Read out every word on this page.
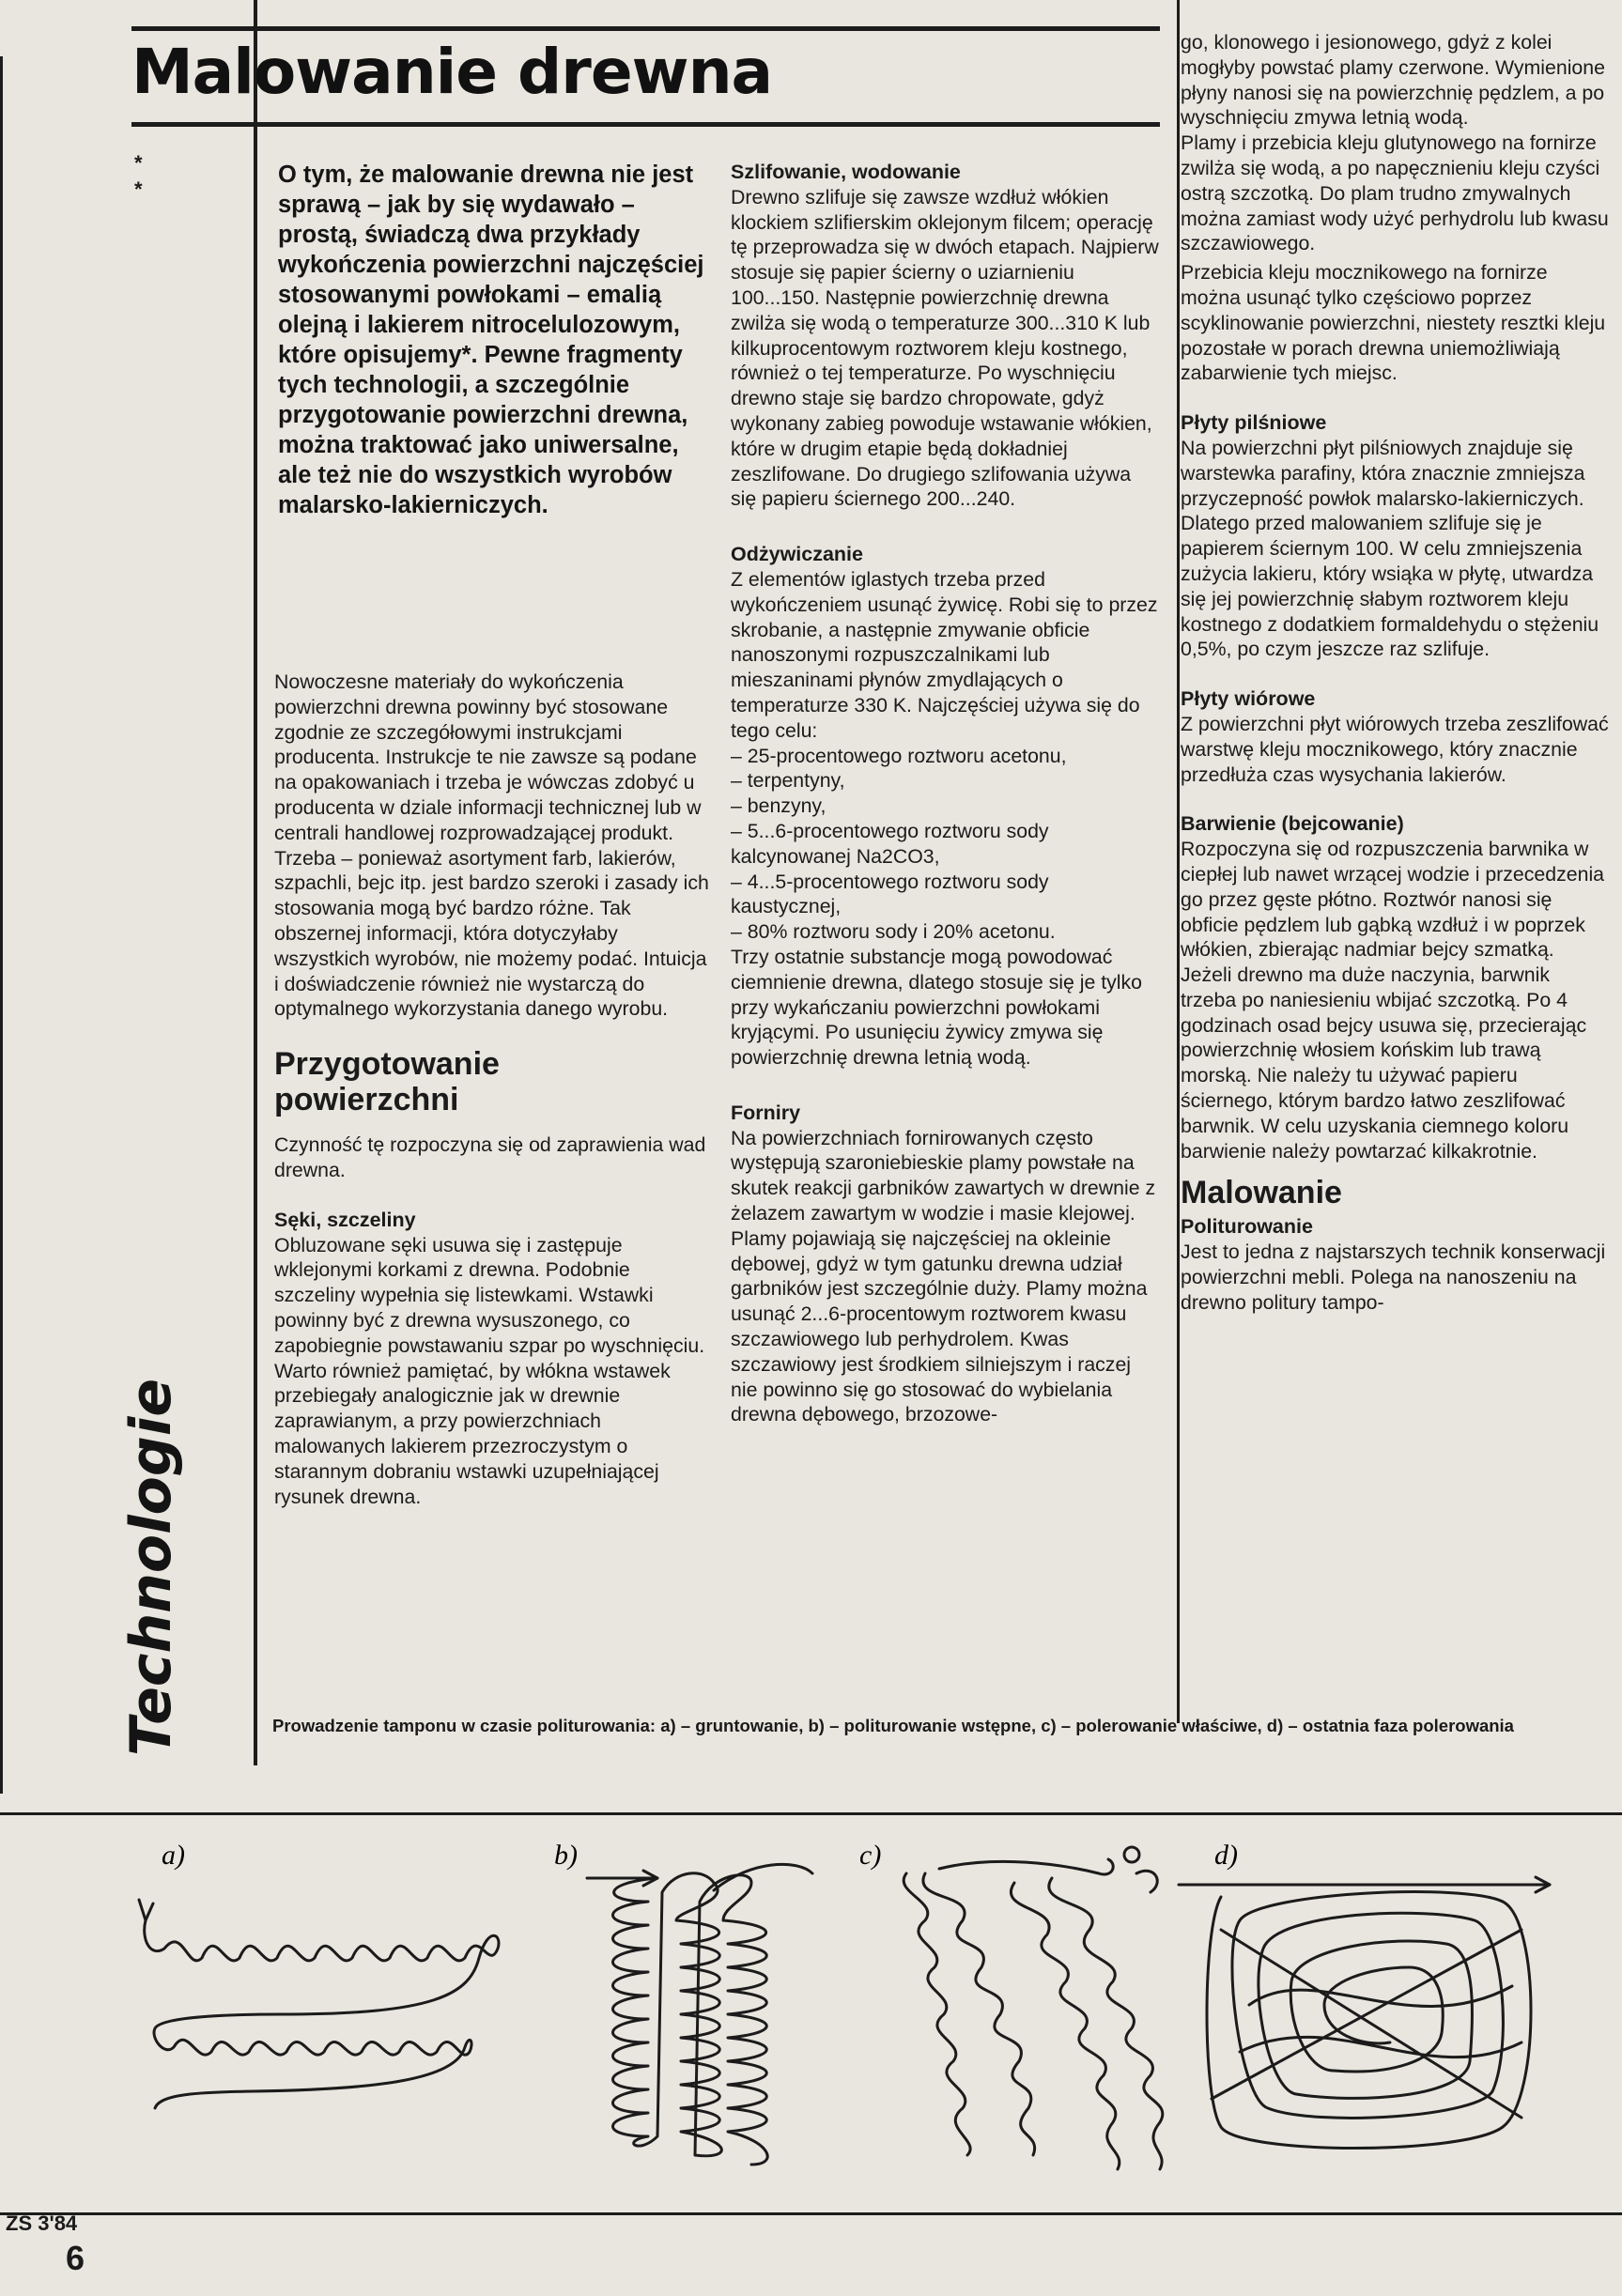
Malowanie drewna
*
*
Technologie
O tym, że malowanie drewna nie jest sprawą – jak by się wydawało – prostą, świadczą dwa przykłady wykończenia powierzchni najczęściej stosowanymi powłokami – emalią olejną i lakierem nitrocelulozowym, które opisujemy*. Pewne fragmenty tych technologii, a szczególnie przygotowanie powierzchni drewna, można traktować jako uniwersalne, ale też nie do wszystkich wyrobów malarsko-lakierniczych.

Nowoczesne materiały do wykończenia powierzchni drewna powinny być stosowane zgodnie ze szczegółowymi instrukcjami producenta. Instrukcje te nie zawsze są podane na opakowaniach i trzeba je wówczas zdobyć u producenta w dziale informacji technicznej lub w centrali handlowej rozprowadzającej produkt. Trzeba – ponieważ asortyment farb, lakierów, szpachli, bejc itp. jest bardzo szeroki i zasady ich stosowania mogą być bardzo różne. Tak obszernej informacji, która dotyczyłaby wszystkich wyrobów, nie możemy podać. Intuicja i doświadczenie również nie wystarczą do optymalnego wykorzystania danego wyrobu.

Przygotowanie powierzchni

Czynność tę rozpoczyna się od zaprawienia wad drewna.

Sęki, szczeliny

Obluzowane sęki usuwa się i zastępuje wklejonymi korkami z drewna. Podobnie szczeliny wypełnia się listewkami. Wstawki powinny być z drewna wysuszonego, co zapobiegnie powstawaniu szpar po wyschnięciu. Warto również pamiętać, by włókna wstawek przebiegały analogicznie jak w drewnie zaprawianym, a przy powierzchniach malowanych lakierem przezroczystym o starannym dobraniu wstawki uzupełniającej rysunek drewna.

Szlifowanie, wodowanie

Drewno szlifuje się zawsze wzdłuż włókien klockiem szlifierskim oklejonym filcem; operację tę przeprowadza się w dwóch etapach. Najpierw stosuje się papier ścierny o uziarnieniu 100...150. Następnie powierzchnię drewna zwilża się wodą o temperaturze 300...310 K lub kilkuprocentowym roztworem kleju kostnego, również o tej temperaturze. Po wyschnięciu drewno staje się bardzo chropowate, gdyż wykonany zabieg powoduje wstawanie włókien, które w drugim etapie będą dokładniej zeszlifowane. Do drugiego szlifowania używa się papieru ściernego 200...240.

Odżywiczanie

Z elementów iglastych trzeba przed wykończeniem usunąć żywicę. Robi się to przez skrobanie, a następnie zmywanie obficie nanoszonymi rozpuszczalnikami lub mieszaninami płynów zmydlających o temperaturze 330 K. Najczęściej używa się do tego celu:

– 25-procentowego roztworu acetonu,

– terpentyny,

– benzyny,

– 5...6-procentowego roztworu sody kalcynowanej Na2CO3,

– 4...5-procentowego roztworu sody kaustycznej,

– 80% roztworu sody i 20% acetonu.

Trzy ostatnie substancje mogą powodować ciemnienie drewna, dlatego stosuje się je tylko przy wykańczaniu powierzchni powłokami kryjącymi. Po usunięciu żywicy zmywa się powierzchnię drewna letnią wodą.

Forniry

Na powierzchniach fornirowanych często występują szaroniebieskie plamy powstałe na skutek reakcji garbników zawartych w drewnie z żelazem zawartym w wodzie i masie klejowej. Plamy pojawiają się najczęściej na okleinie dębowej, gdyż w tym gatunku drewna udział garbników jest szczególnie duży. Plamy można usunąć 2...6-procentowym roztworem kwasu szczawiowego lub perhydrolem. Kwas szczawiowy jest środkiem silniejszym i raczej nie powinno się go stosować do wybielania drewna dębowego, brzozowe-

go, klonowego i jesionowego, gdyż z kolei mogłyby powstać plamy czerwone. Wymienione płyny nanosi się na powierzchnię pędzlem, a po wyschnięciu zmywa letnią wodą.

Plamy i przebicia kleju glutynowego na fornirze zwilża się wodą, a po napęcznieniu kleju czyści ostrą szczotką. Do plam trudno zmywalnych można zamiast wody użyć perhydrolu lub kwasu szczawiowego.

Przebicia kleju mocznikowego na fornirze można usunąć tylko częściowo poprzez scyklinowanie powierzchni, niestety resztki kleju pozostałe w porach drewna uniemożliwiają zabarwienie tych miejsc.

Płyty pilśniowe

Na powierzchni płyt pilśniowych znajduje się warstewka parafiny, która znacznie zmniejsza przyczepność powłok malarsko-lakierniczych. Dlatego przed malowaniem szlifuje się je papierem ściernym 100. W celu zmniejszenia zużycia lakieru, który wsiąka w płytę, utwardza się jej powierzchnię słabym roztworem kleju kostnego z dodatkiem formaldehydu o stężeniu 0,5%, po czym jeszcze raz szlifuje.

Płyty wiórowe

Z powierzchni płyt wiórowych trzeba zeszlifować warstwę kleju mocznikowego, który znacznie przedłuża czas wysychania lakierów.

Barwienie (bejcowanie)

Rozpoczyna się od rozpuszczenia barwnika w ciepłej lub nawet wrzącej wodzie i przecedzenia go przez gęste płótno. Roztwór nanosi się obficie pędzlem lub gąbką wzdłuż i w poprzek włókien, zbierając nadmiar bejcy szmatką. Jeżeli drewno ma duże naczynia, barwnik trzeba po naniesieniu wbijać szczotką. Po 4 godzinach osad bejcy usuwa się, przecierając powierzchnię włosiem końskim lub trawą morską. Nie należy tu używać papieru ściernego, którym bardzo łatwo zeszlifować barwnik. W celu uzyskania ciemnego koloru barwienie należy powtarzać kilkakrotnie.

Malowanie

Politurowanie

Jest to jedna z najstarszych technik konserwacji powierzchni mebli. Polega na nanoszeniu na drewno politury tampo-

Prowadzenie tamponu w czasie politurowania: a) – gruntowanie, b) – politurowanie wstępne, c) – polerowanie właściwe, d) – ostatnia faza polerowania
a)	b)	c)	d)
ZS 3'84
6
